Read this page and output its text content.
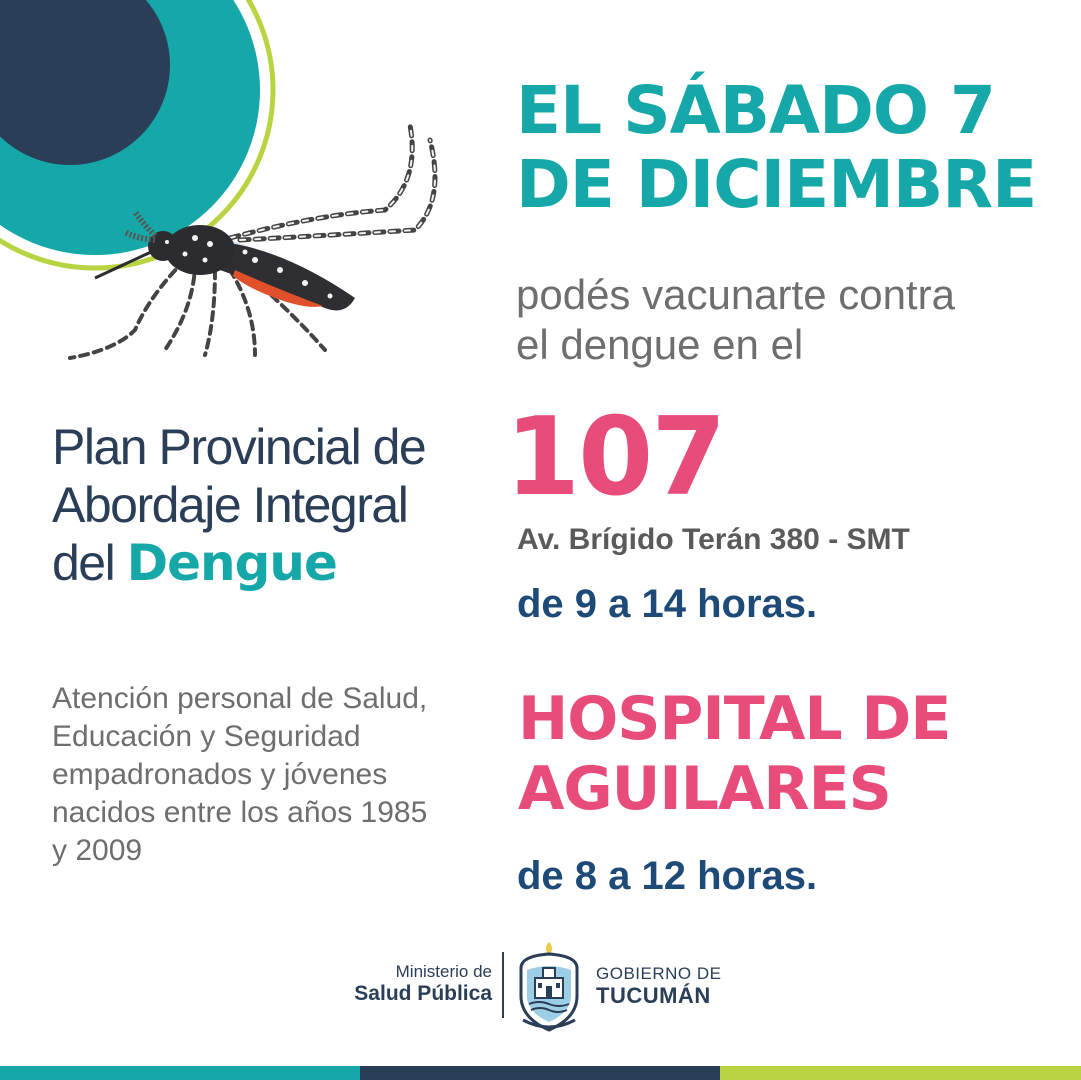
EL SÁBADO 7
DE DICIEMBRE
podés vacunarte contra
el dengue en el
107
Av. Brígido Terán 380 - SMT
de 9 a 14 horas.
HOSPITAL DE
AGUILARES
de 8 a 12 horas.
Plan Provincial de
Abordaje Integral
del Dengue
Atención personal de Salud,
Educación y Seguridad
empadronados y jóvenes
nacidos entre los años 1985
y 2009
Ministerio de
Salud Pública
GOBIERNO DE
TUCUMÁN
